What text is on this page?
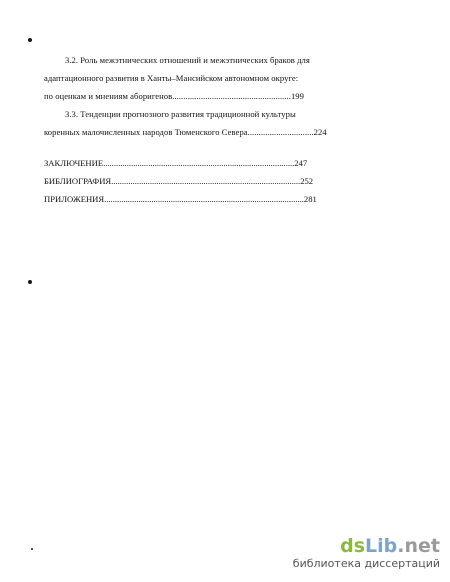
3.2. Роль межэтнических отношений и межэтнических браков для
адаптационного развития в Ханты–Мансийском автономном округе:
по оценкам и мнениям аборигенов......................................................199
3.3. Тенденции прогнозного развития традиционной культуры
коренных малочисленных народов Тюменского Севера..............................224
ЗАКЛЮЧЕНИЕ.........................................................................................247
БИБЛИОГРАФИЯ........................................................................................252
ПРИЛОЖЕНИЯ.............................................................................................281
dsLib.net
библиотека диссертаций
